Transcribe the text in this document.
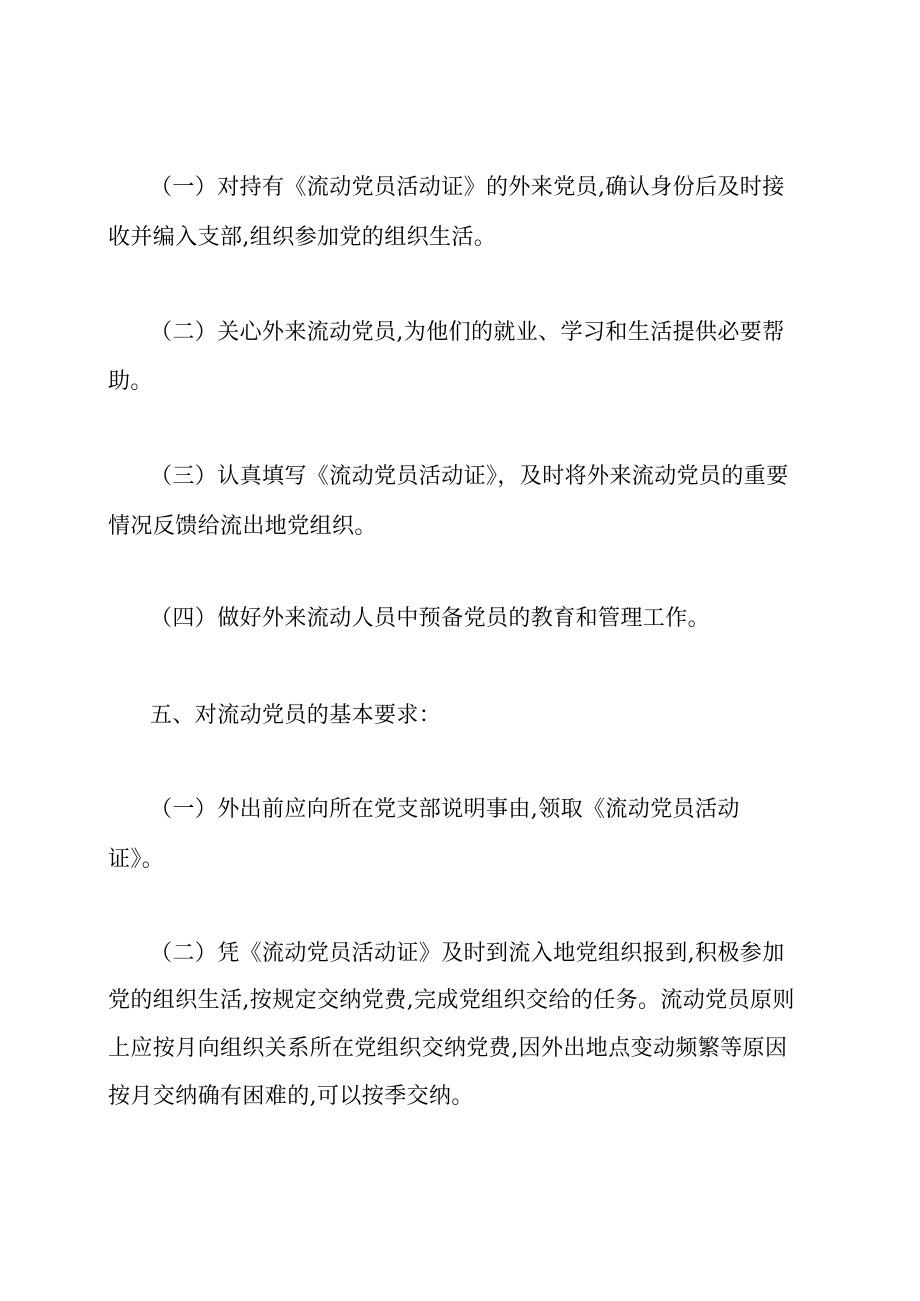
（一）对持有《流动党员活动证》的外来党员,确认身份后及时接
收并编入支部,组织参加党的组织生活。
（二）关心外来流动党员,为他们的就业、学习和生活提供必要帮
助。
（三）认真填写《流动党员活动证》，及时将外来流动党员的重要
情况反馈给流出地党组织。
（四）做好外来流动人员中预备党员的教育和管理工作。
五、对流动党员的基本要求：
（一）外出前应向所在党支部说明事由,领取《流动党员活动
证》。
（二）凭《流动党员活动证》及时到流入地党组织报到,积极参加
党的组织生活,按规定交纳党费,完成党组织交给的任务。流动党员原则
上应按月向组织关系所在党组织交纳党费,因外出地点变动频繁等原因
按月交纳确有困难的,可以按季交纳。
